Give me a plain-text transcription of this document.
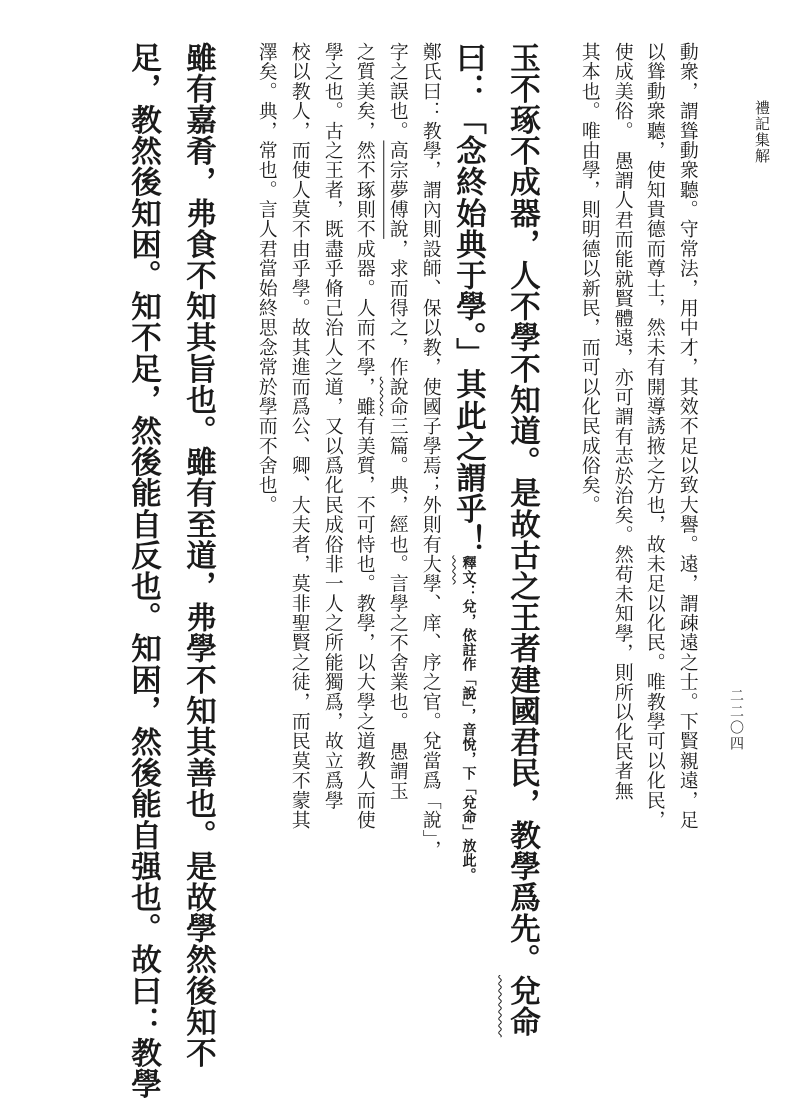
禮記集解
二二〇四
動衆，謂聳動衆聽。守常法，用中才，其效不足以致大譽。遠，謂疎遠之士。下賢親遠，足
以聳動衆聽，使知貴德而尊士，然未有開導誘掖之方也，故未足以化民。唯教學可以化民，
使成美俗。　愚謂人君而能就賢體遠，亦可謂有志於治矣。然苟未知學，則所以化民者無
其本也。唯由學，則明德以新民，而可以化民成俗矣。
玉不琢不成器，人不學不知道。是故古之王者建國君民，教學爲先。兌命
曰：「念終始典于學。」其此之謂乎！釋文：兌，依註作「說」，音悅，下「兌命」放此。
鄭氏曰：教學，謂內則設師、保以教，使國子學焉；外則有大學、庠、序之官。兌當爲「說」，
字之誤也。高宗夢傅說，求而得之，作說命三篇。典，經也。言學之不舍業也。　愚謂玉
之質美矣，然不琢則不成器。人而不學，雖有美質，不可恃也。教學，以大學之道教人而使
學之也。古之王者，既盡乎脩己治人之道，又以爲化民成俗非一人之所能獨爲，故立爲學
校以教人，而使人莫不由乎學。故其進而爲公、卿、大夫者，莫非聖賢之徒，而民莫不蒙其
澤矣。典，常也。言人君當始終思念常於學而不舍也。
雖有嘉肴，弗食不知其旨也。雖有至道，弗學不知其善也。是故學然後知不
足，教然後知困。知不足，然後能自反也。知困，然後能自强也。故曰：教學
